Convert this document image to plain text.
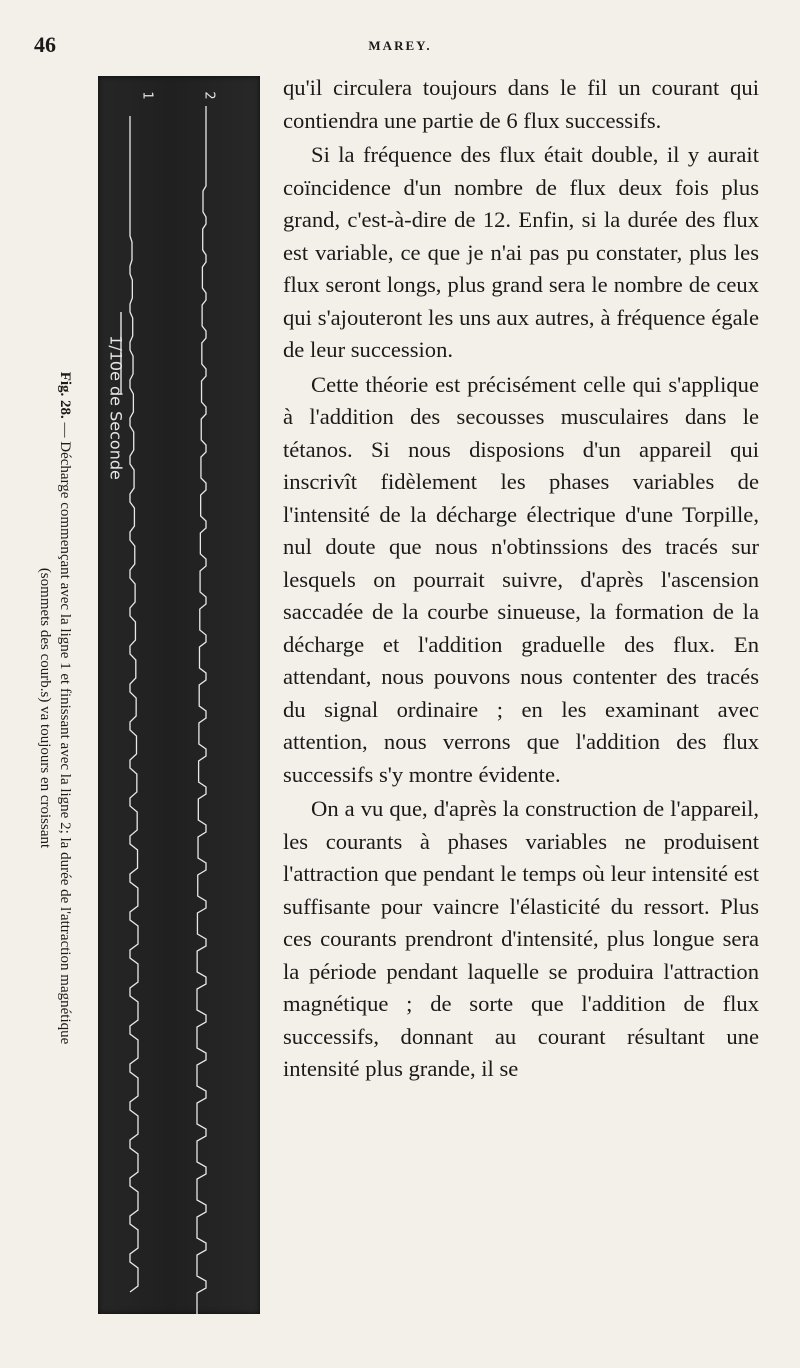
46	MAREY.
1	2
1/10e de Seconde
Fig. 28. — Décharge commençant avec la ligne 1 et finissant avec la ligne 2; la durée de l'attraction magnétique
(sommets des courb.s) va toujours en croissant

qu'il circulera toujours dans le fil un courant qui contiendra une partie de 6 flux successifs.

Si la fréquence des flux était double, il y aurait coïncidence d'un nombre de flux deux fois plus grand, c'est-à-dire de 12. Enfin, si la durée des flux est variable, ce que je n'ai pas pu constater, plus les flux seront longs, plus grand sera le nombre de ceux qui s'ajouteront les uns aux autres, à fréquence égale de leur succession.

Cette théorie est précisément celle qui s'applique à l'addition des secousses musculaires dans le tétanos. Si nous disposions d'un appareil qui inscrivît fidèlement les phases variables de l'intensité de la décharge électrique d'une Torpille, nul doute que nous n'obtinssions des tracés sur lesquels on pourrait suivre, d'après l'ascension saccadée de la courbe sinueuse, la formation de la décharge et l'addition graduelle des flux. En attendant, nous pouvons nous contenter des tracés du signal ordinaire ; en les examinant avec attention, nous verrons que l'addition des flux successifs s'y montre évidente.

On a vu que, d'après la construction de l'appareil, les courants à phases variables ne produisent l'attraction que pendant le temps où leur intensité est suffisante pour vaincre l'élasticité du ressort. Plus ces courants prendront d'intensité, plus longue sera la période pendant laquelle se produira l'attraction magnétique ; de sorte que l'addition de flux successifs, donnant au courant résultant une intensité plus grande, il se
